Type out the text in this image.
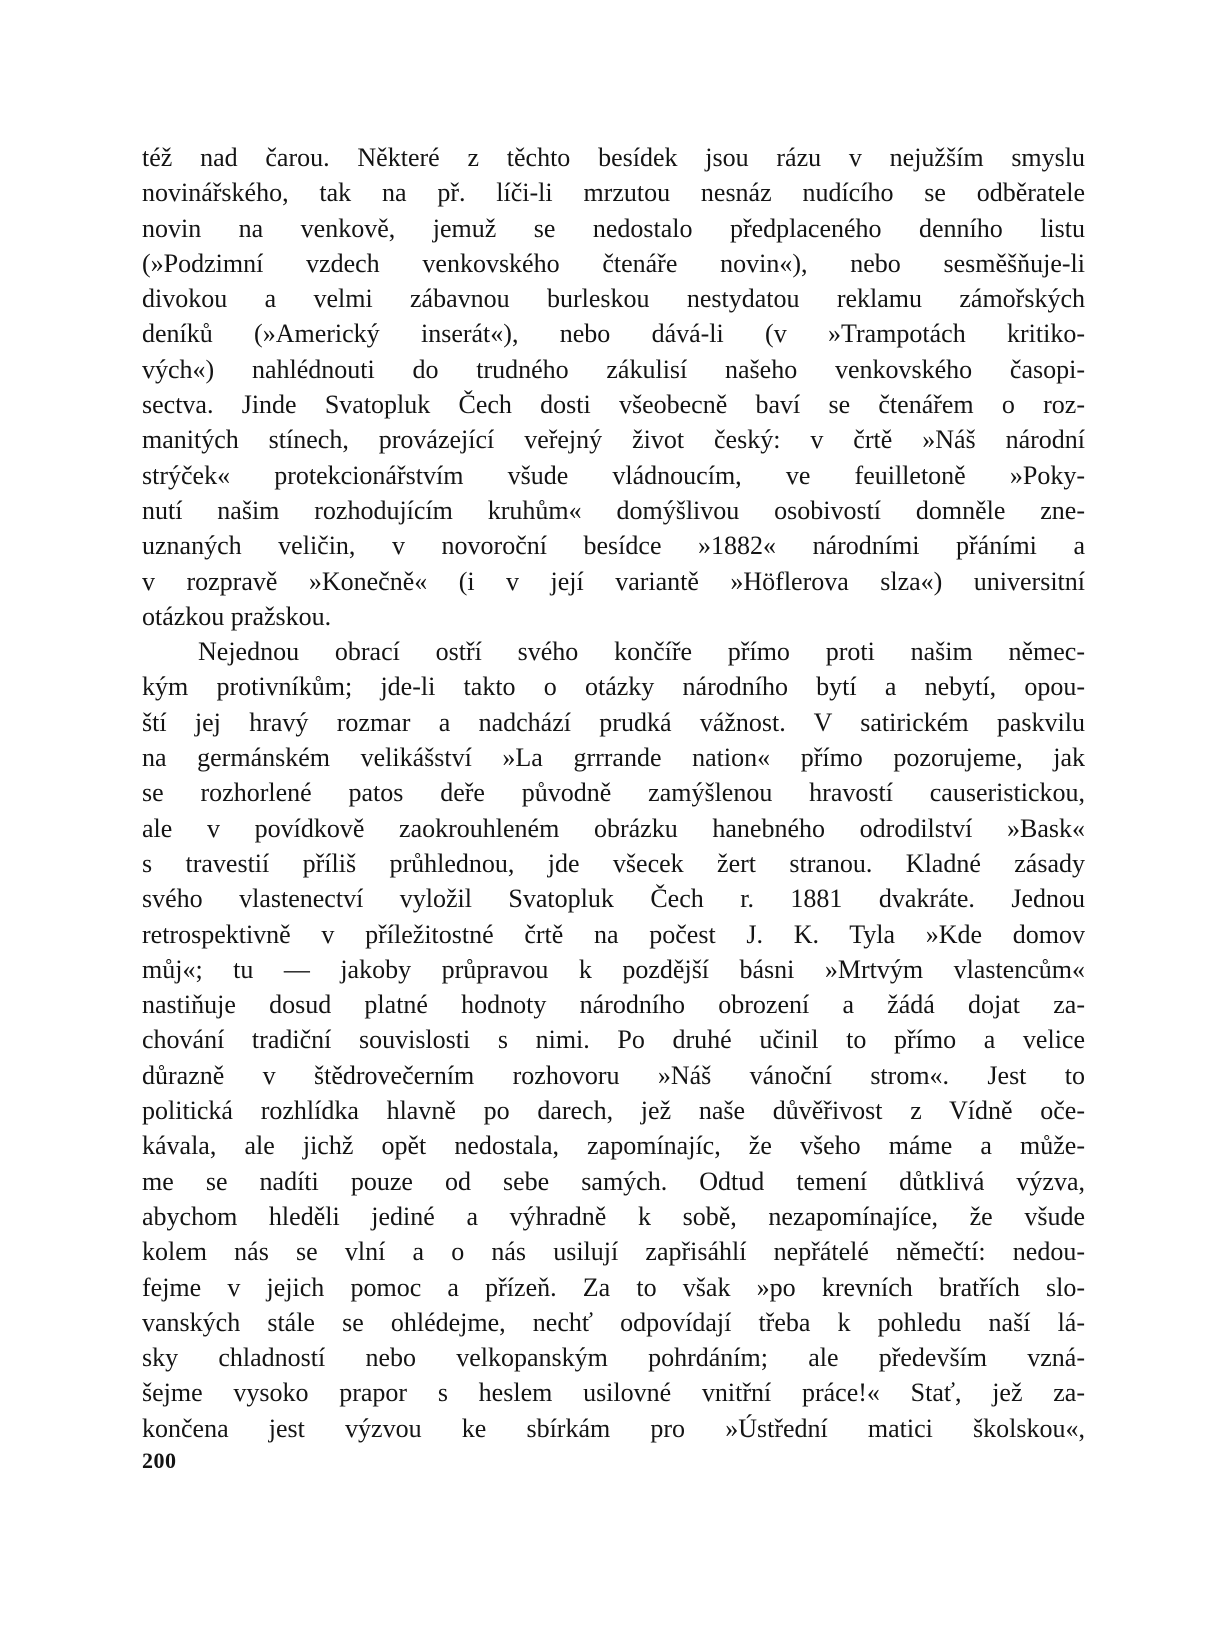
též nad čarou. Některé z těchto besídek jsou rázu v nejužším smyslu
novinářského, tak na př. líči-li mrzutou nesnáz nudícího se odběratele
novin na venkově, jemuž se nedostalo předplaceného denního listu
(»Podzimní vzdech venkovského čtenáře novin«), nebo sesměšňuje-li
divokou a velmi zábavnou burleskou nestydatou reklamu zámořských
deníků (»Americký inserát«), nebo dává-li (v »Trampotách kritiko-
vých«) nahlédnouti do trudného zákulisí našeho venkovského časopi-
sectva. Jinde Svatopluk Čech dosti všeobecně baví se čtenářem o roz-
manitých stínech, provázející veřejný život český: v črtě »Náš národní
strýček« protekcionářstvím všude vládnoucím, ve feuilletoně »Poky-
nutí našim rozhodujícím kruhům« domýšlivou osobivostí domněle zne-
uznaných veličin, v novoroční besídce »1882« národními přáními a
v rozpravě »Konečně« (i v její variantě »Höflerova slza«) universitní
otázkou pražskou.
Nejednou obrací ostří svého končíře přímo proti našim němec-
kým protivníkům; jde-li takto o otázky národního bytí a nebytí, opou-
ští jej hravý rozmar a nadchází prudká vážnost. V satirickém paskvilu
na germánském velikášství »La grrrande nation« přímo pozorujeme, jak
se rozhorlené patos deře původně zamýšlenou hravostí causeristickou,
ale v povídkově zaokrouhleném obrázku hanebného odrodilství »Bask«
s travestií příliš průhlednou, jde všecek žert stranou. Kladné zásady
svého vlastenectví vyložil Svatopluk Čech r. 1881 dvakráte. Jednou
retrospektivně v příležitostné črtě na počest J. K. Tyla »Kde domov
můj«; tu — jakoby průpravou k pozdější básni »Mrtvým vlastencům«
nastiňuje dosud platné hodnoty národního obrození a žádá dojat za-
chování tradiční souvislosti s nimi. Po druhé učinil to přímo a velice
důrazně v štědrovečerním rozhovoru »Náš vánoční strom«. Jest to
politická rozhlídka hlavně po darech, jež naše důvěřivost z Vídně oče-
kávala, ale jichž opět nedostala, zapomínajíc, že všeho máme a může-
me se nadíti pouze od sebe samých. Odtud temení důtklivá výzva,
abychom hleděli jediné a výhradně k sobě, nezapomínajíce, že všude
kolem nás se vlní a o nás usilují zapřisáhlí nepřátelé němečtí: nedou-
fejme v jejich pomoc a přízeň. Za to však »po krevních bratřích slo-
vanských stále se ohlédejme, nechť odpovídají třeba k pohledu naší lá-
sky chladností nebo velkopanským pohrdáním; ale především vzná-
šejme vysoko prapor s heslem usilovné vnitřní práce!« Stať, jež za-
končena jest výzvou ke sbírkám pro »Ústřední matici školskou«,
200
